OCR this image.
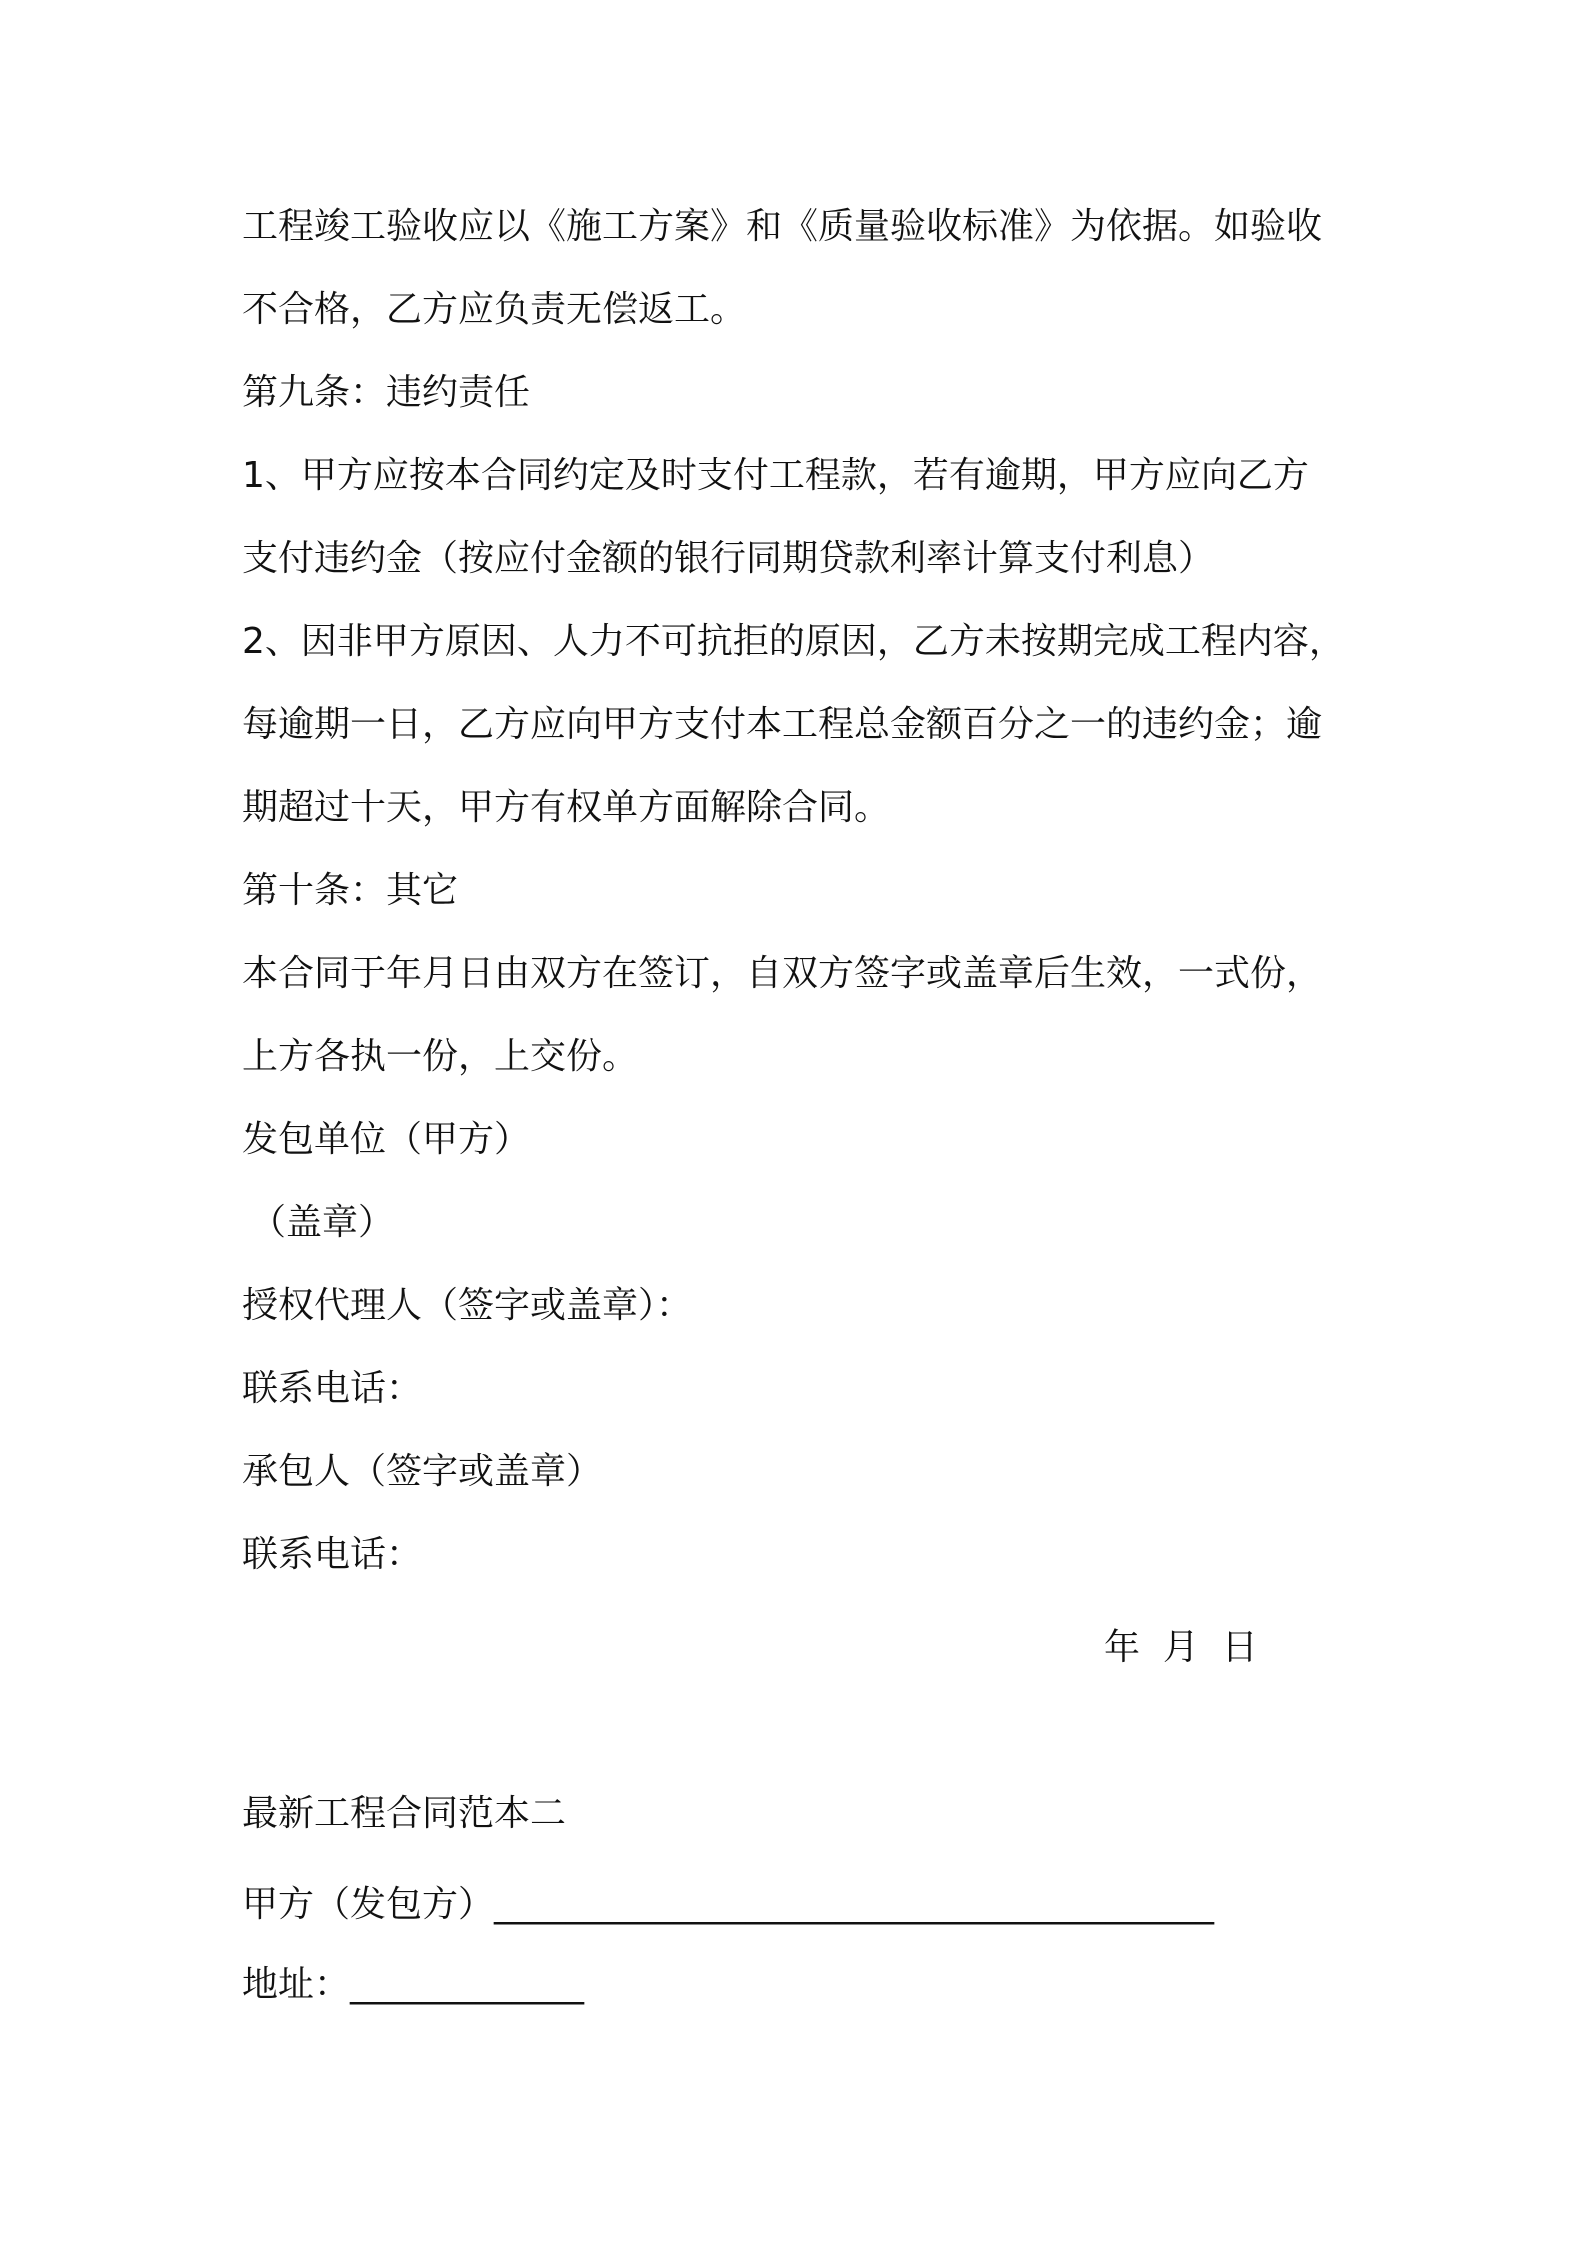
工程竣工验收应以《施工方案》和《质量验收标准》为依据。如验收
不合格，乙方应负责无偿返工。
第九条：违约责任
1、甲方应按本合同约定及时支付工程款，若有逾期，甲方应向乙方
支付违约金（按应付金额的银行同期贷款利率计算支付利息）
2、因非甲方原因、人力不可抗拒的原因，乙方未按期完成工程内容，
每逾期一日，乙方应向甲方支付本工程总金额百分之一的违约金；逾
期超过十天，甲方有权单方面解除合同。
第十条：其它
本合同于年月日由双方在签订，自双方签字或盖章后生效，一式份，
上方各执一份，上交份。
发包单位（甲方）
（盖章）
授权代理人（签字或盖章）：
联系电话：
承包人（签字或盖章）
联系电话：
年  月  日
最新工程合同范本二
甲方（发包方）________________________________________
地址：_____________
